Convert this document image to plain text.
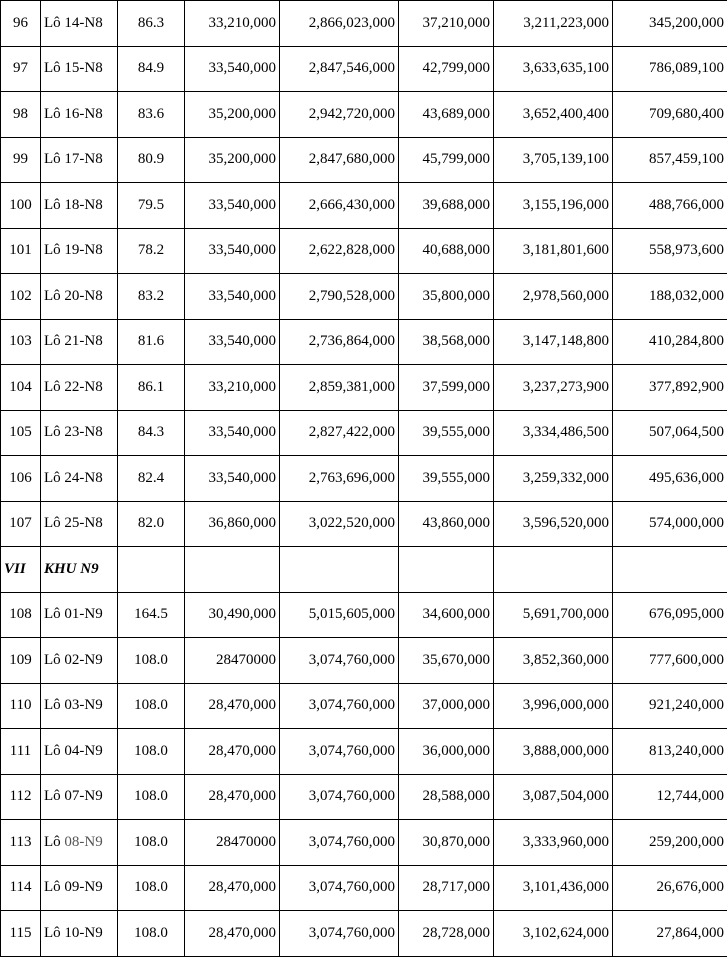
96	Lô 14-N8	86.3	33,210,000	2,866,023,000	37,210,000	3,211,223,000	345,200,000
97	Lô 15-N8	84.9	33,540,000	2,847,546,000	42,799,000	3,633,635,100	786,089,100
98	Lô 16-N8	83.6	35,200,000	2,942,720,000	43,689,000	3,652,400,400	709,680,400
99	Lô 17-N8	80.9	35,200,000	2,847,680,000	45,799,000	3,705,139,100	857,459,100
100	Lô 18-N8	79.5	33,540,000	2,666,430,000	39,688,000	3,155,196,000	488,766,000
101	Lô 19-N8	78.2	33,540,000	2,622,828,000	40,688,000	3,181,801,600	558,973,600
102	Lô 20-N8	83.2	33,540,000	2,790,528,000	35,800,000	2,978,560,000	188,032,000
103	Lô 21-N8	81.6	33,540,000	2,736,864,000	38,568,000	3,147,148,800	410,284,800
104	Lô 22-N8	86.1	33,210,000	2,859,381,000	37,599,000	3,237,273,900	377,892,900
105	Lô 23-N8	84.3	33,540,000	2,827,422,000	39,555,000	3,334,486,500	507,064,500
106	Lô 24-N8	82.4	33,540,000	2,763,696,000	39,555,000	3,259,332,000	495,636,000
107	Lô 25-N8	82.0	36,860,000	3,022,520,000	43,860,000	3,596,520,000	574,000,000
VII	KHU N9						
108	Lô 01-N9	164.5	30,490,000	5,015,605,000	34,600,000	5,691,700,000	676,095,000
109	Lô 02-N9	108.0	28470000	3,074,760,000	35,670,000	3,852,360,000	777,600,000
110	Lô 03-N9	108.0	28,470,000	3,074,760,000	37,000,000	3,996,000,000	921,240,000
111	Lô 04-N9	108.0	28,470,000	3,074,760,000	36,000,000	3,888,000,000	813,240,000
112	Lô 07-N9	108.0	28,470,000	3,074,760,000	28,588,000	3,087,504,000	12,744,000
113	Lô 08-N9	108.0	28470000	3,074,760,000	30,870,000	3,333,960,000	259,200,000
114	Lô 09-N9	108.0	28,470,000	3,074,760,000	28,717,000	3,101,436,000	26,676,000
115	Lô 10-N9	108.0	28,470,000	3,074,760,000	28,728,000	3,102,624,000	27,864,000
